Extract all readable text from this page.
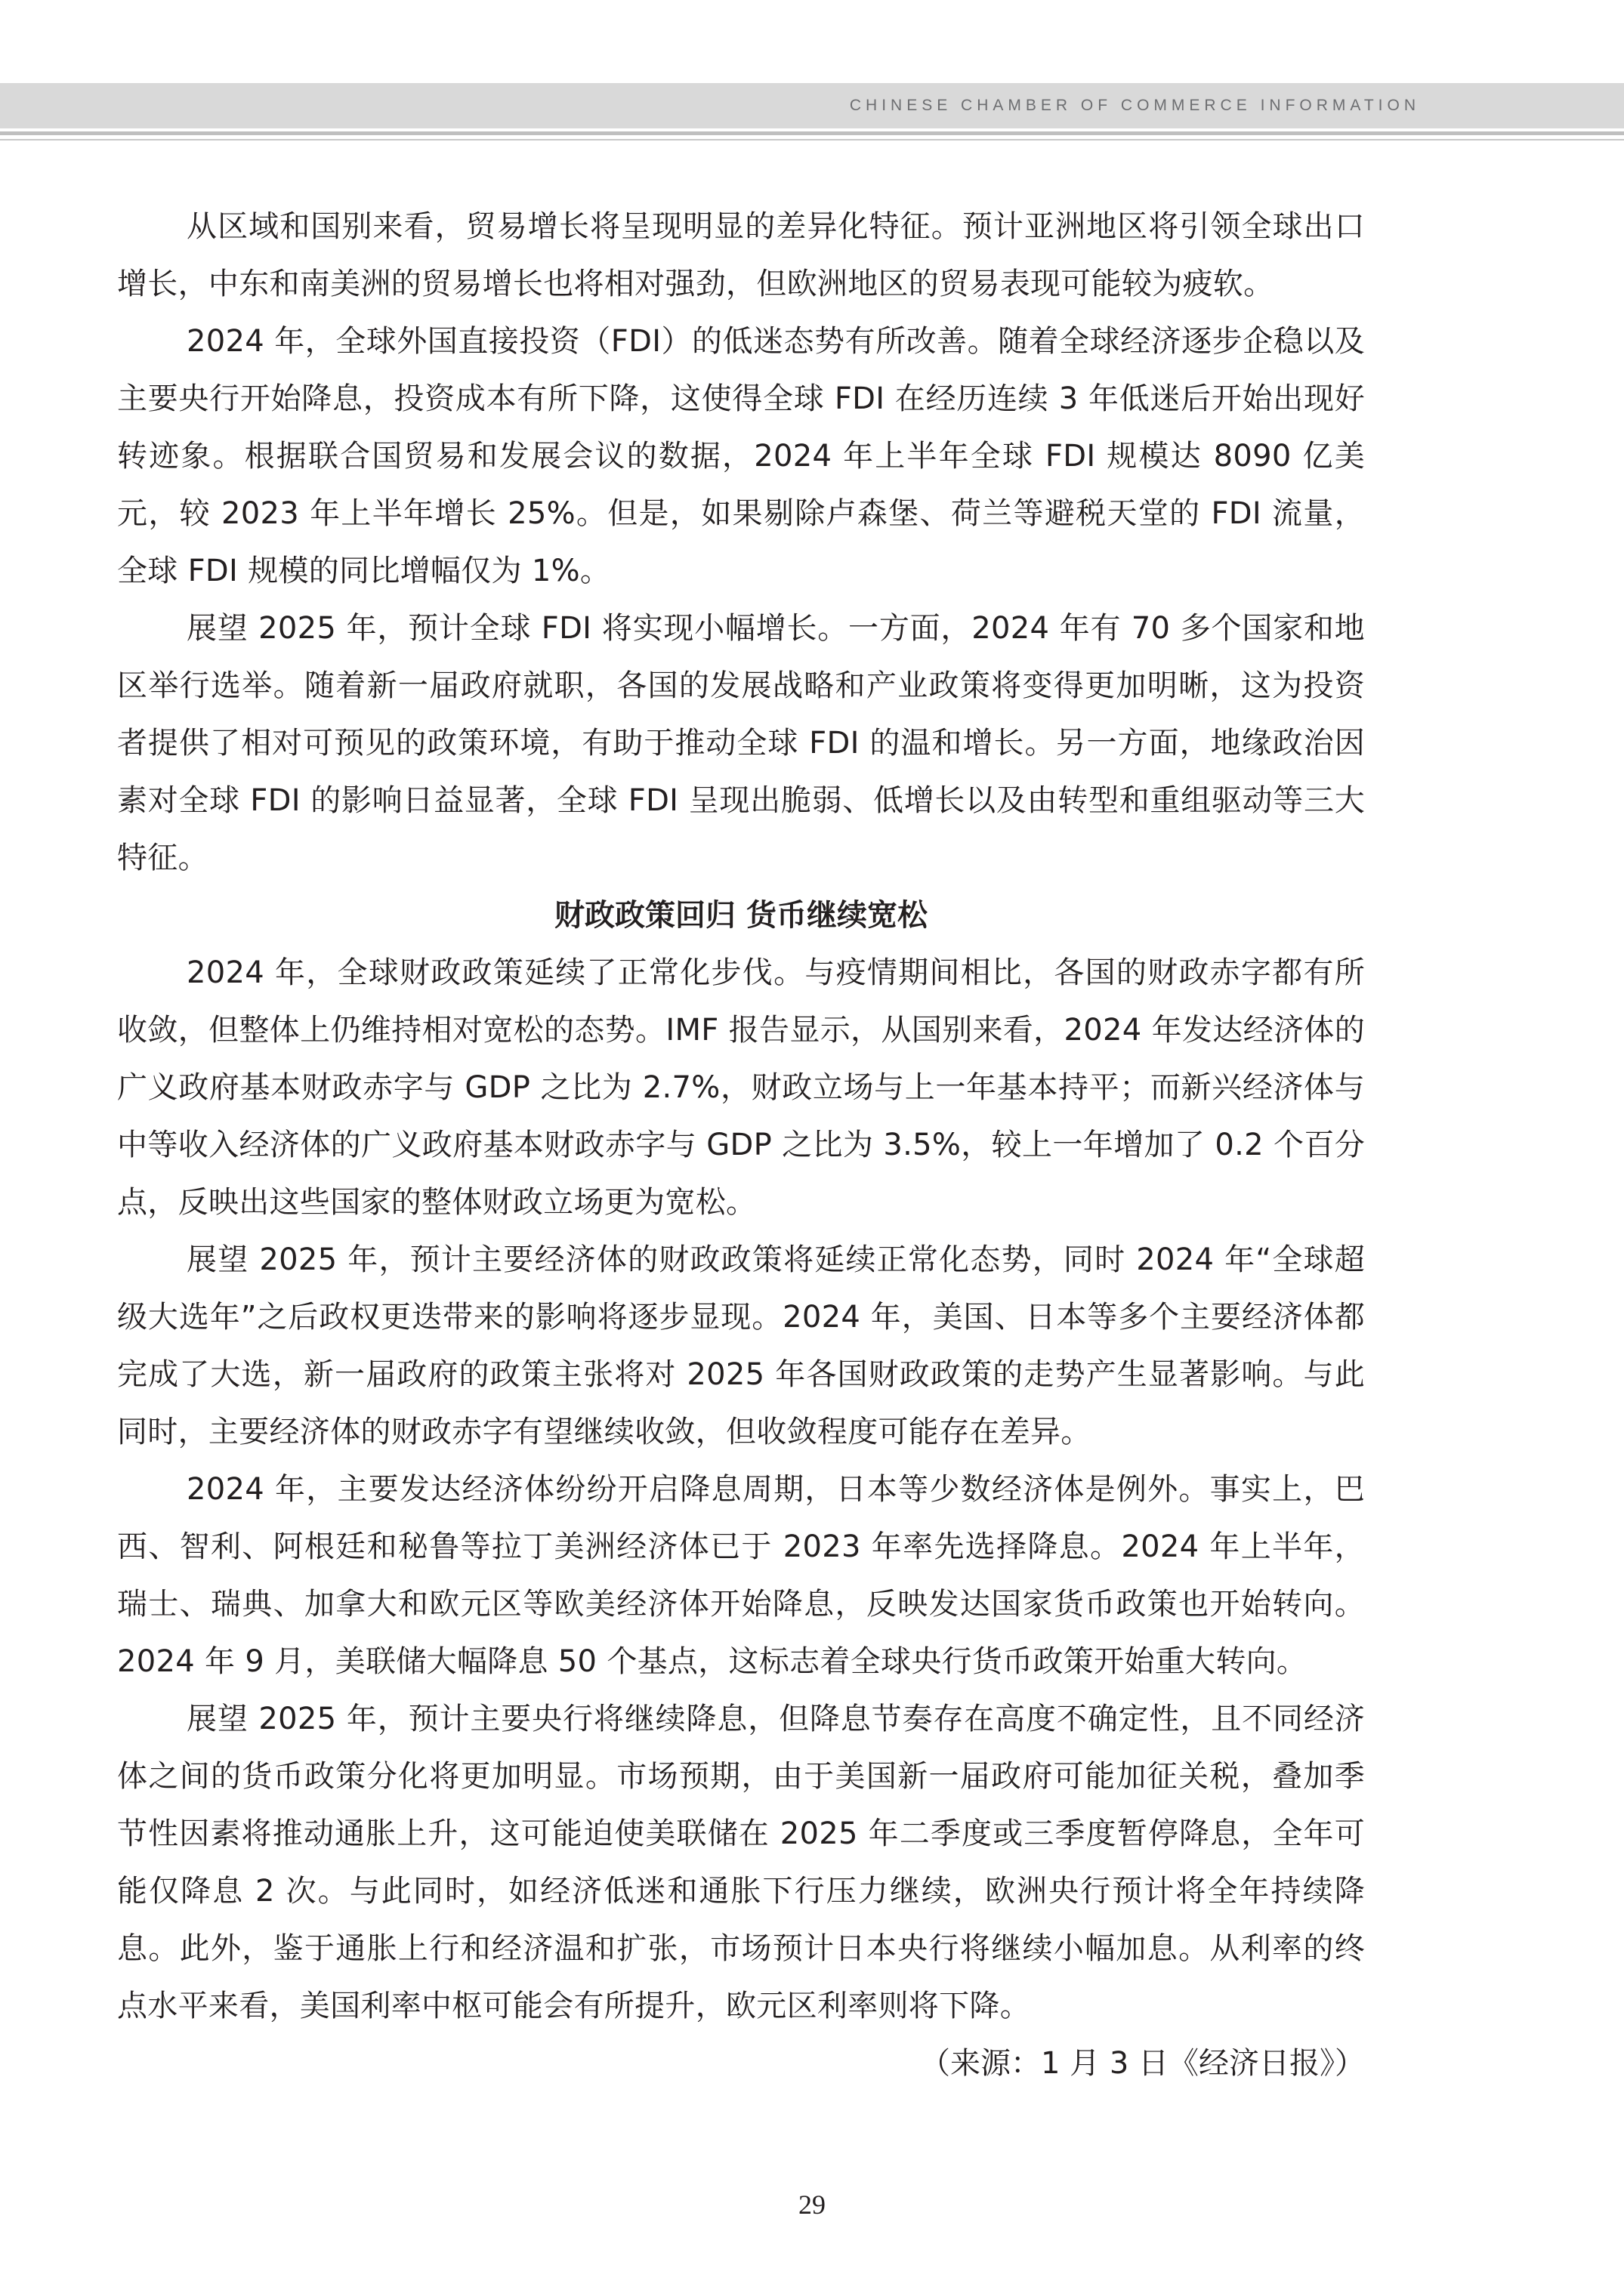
CHINESE CHAMBER OF COMMERCE INFORMATION

从区域和国别来看，贸易增长将呈现明显的差异化特征。预计亚洲地区将引领全球出口增长，中东和南美洲的贸易增长也将相对强劲，但欧洲地区的贸易表现可能较为疲软。

2024 年，全球外国直接投资（FDI）的低迷态势有所改善。随着全球经济逐步企稳以及主要央行开始降息，投资成本有所下降，这使得全球 FDI 在经历连续 3 年低迷后开始出现好转迹象。根据联合国贸易和发展会议的数据，2024 年上半年全球 FDI 规模达 8090 亿美元，较 2023 年上半年增长 25%。但是，如果剔除卢森堡、荷兰等避税天堂的 FDI 流量，全球 FDI 规模的同比增幅仅为 1%。

展望 2025 年，预计全球 FDI 将实现小幅增长。一方面，2024 年有 70 多个国家和地区举行选举。随着新一届政府就职，各国的发展战略和产业政策将变得更加明晰，这为投资者提供了相对可预见的政策环境，有助于推动全球 FDI 的温和增长。另一方面，地缘政治因素对全球 FDI 的影响日益显著，全球 FDI 呈现出脆弱、低增长以及由转型和重组驱动等三大特征。

财政政策回归 货币继续宽松

2024 年，全球财政政策延续了正常化步伐。与疫情期间相比，各国的财政赤字都有所收敛，但整体上仍维持相对宽松的态势。IMF 报告显示，从国别来看，2024 年发达经济体的广义政府基本财政赤字与 GDP 之比为 2.7%，财政立场与上一年基本持平；而新兴经济体与中等收入经济体的广义政府基本财政赤字与 GDP 之比为 3.5%，较上一年增加了 0.2 个百分点，反映出这些国家的整体财政立场更为宽松。

展望 2025 年，预计主要经济体的财政政策将延续正常化态势，同时 2024 年“全球超级大选年”之后政权更迭带来的影响将逐步显现。2024 年，美国、日本等多个主要经济体都完成了大选，新一届政府的政策主张将对 2025 年各国财政政策的走势产生显著影响。与此同时，主要经济体的财政赤字有望继续收敛，但收敛程度可能存在差异。

2024 年，主要发达经济体纷纷开启降息周期，日本等少数经济体是例外。事实上，巴西、智利、阿根廷和秘鲁等拉丁美洲经济体已于 2023 年率先选择降息。2024 年上半年，瑞士、瑞典、加拿大和欧元区等欧美经济体开始降息，反映发达国家货币政策也开始转向。2024 年 9 月，美联储大幅降息 50 个基点，这标志着全球央行货币政策开始重大转向。

展望 2025 年，预计主要央行将继续降息，但降息节奏存在高度不确定性，且不同经济体之间的货币政策分化将更加明显。市场预期，由于美国新一届政府可能加征关税，叠加季节性因素将推动通胀上升，这可能迫使美联储在 2025 年二季度或三季度暂停降息，全年可能仅降息 2 次。与此同时，如经济低迷和通胀下行压力继续，欧洲央行预计将全年持续降息。此外，鉴于通胀上行和经济温和扩张，市场预计日本央行将继续小幅加息。从利率的终点水平来看，美国利率中枢可能会有所提升，欧元区利率则将下降。

（来源：1 月 3 日《经济日报》）

29
